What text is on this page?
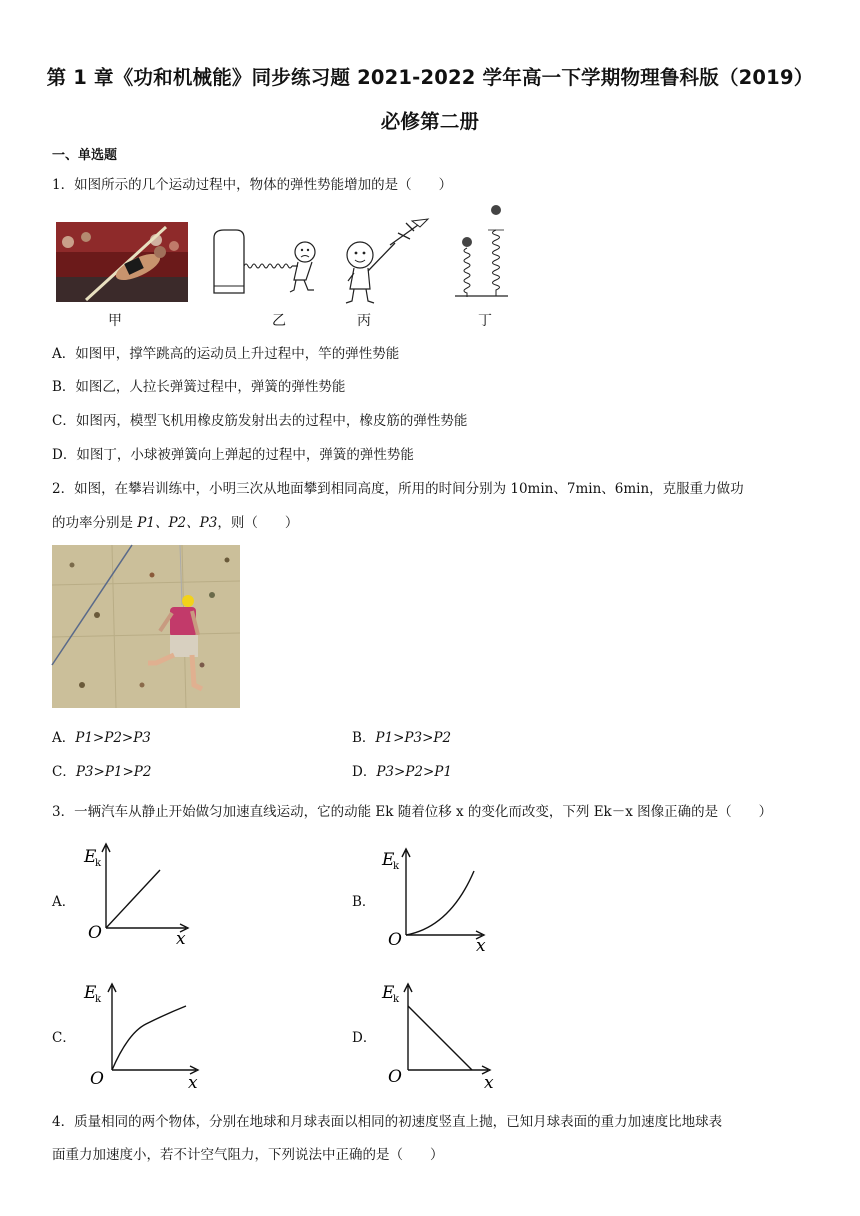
第 1 章《功和机械能》同步练习题 2021-2022 学年高一下学期物理鲁科版（2019）
必修第二册
一、单选题
1．如图所示的几个运动过程中，物体的弹性势能增加的是（　　）
甲	乙	丙	丁
A．如图甲，撑竿跳高的运动员上升过程中，竿的弹性势能
B．如图乙，人拉长弹簧过程中，弹簧的弹性势能
C．如图丙，模型飞机用橡皮筋发射出去的过程中，橡皮筋的弹性势能
D．如图丁，小球被弹簧向上弹起的过程中，弹簧的弹性势能
2．如图，在攀岩训练中，小明三次从地面攀到相同高度，所用的时间分别为 10min、7min、6min，克服重力做功
的功率分别是 P1、P2、P3，则（　　）
A．P1>P2>P3	B．P1>P3>P2
C．P3>P1>P2	D．P3>P2>P1
3．一辆汽车从静止开始做匀加速直线运动，它的动能 Ek 随着位移 x 的变化而改变，下列 Ek－x 图像正确的是（　　）
A．
E
k
O	x
B．
E
k
O	x
C．
E
k
O	x
D．
E
k
O	x
4．质量相同的两个物体，分别在地球和月球表面以相同的初速度竖直上抛，已知月球表面的重力加速度比地球表
面重力加速度小，若不计空气阻力，下列说法中正确的是（　　）
